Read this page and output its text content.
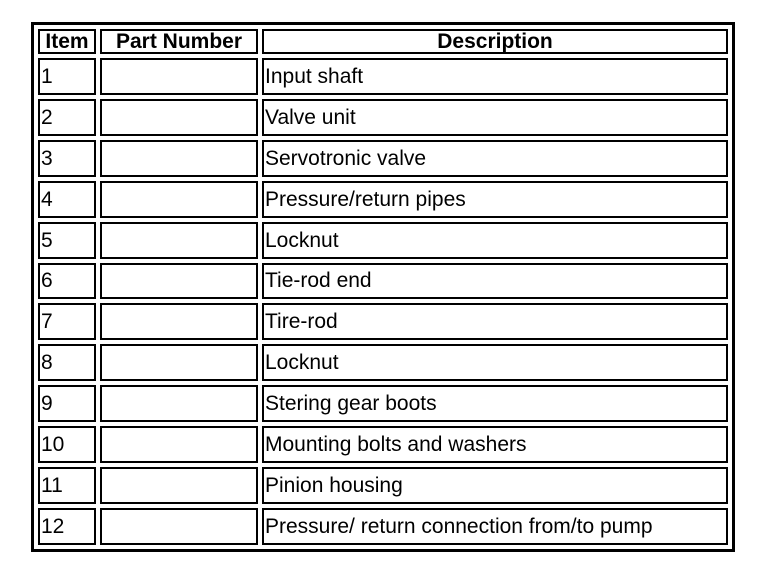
Item	Part Number	Description
1		Input shaft
2		Valve unit
3		Servotronic valve
4		Pressure/return pipes
5		Locknut
6		Tie-rod end
7		Tire-rod
8		Locknut
9		Stering gear boots
10		Mounting bolts and washers
11		Pinion housing
12		Pressure/ return connection from/to pump
